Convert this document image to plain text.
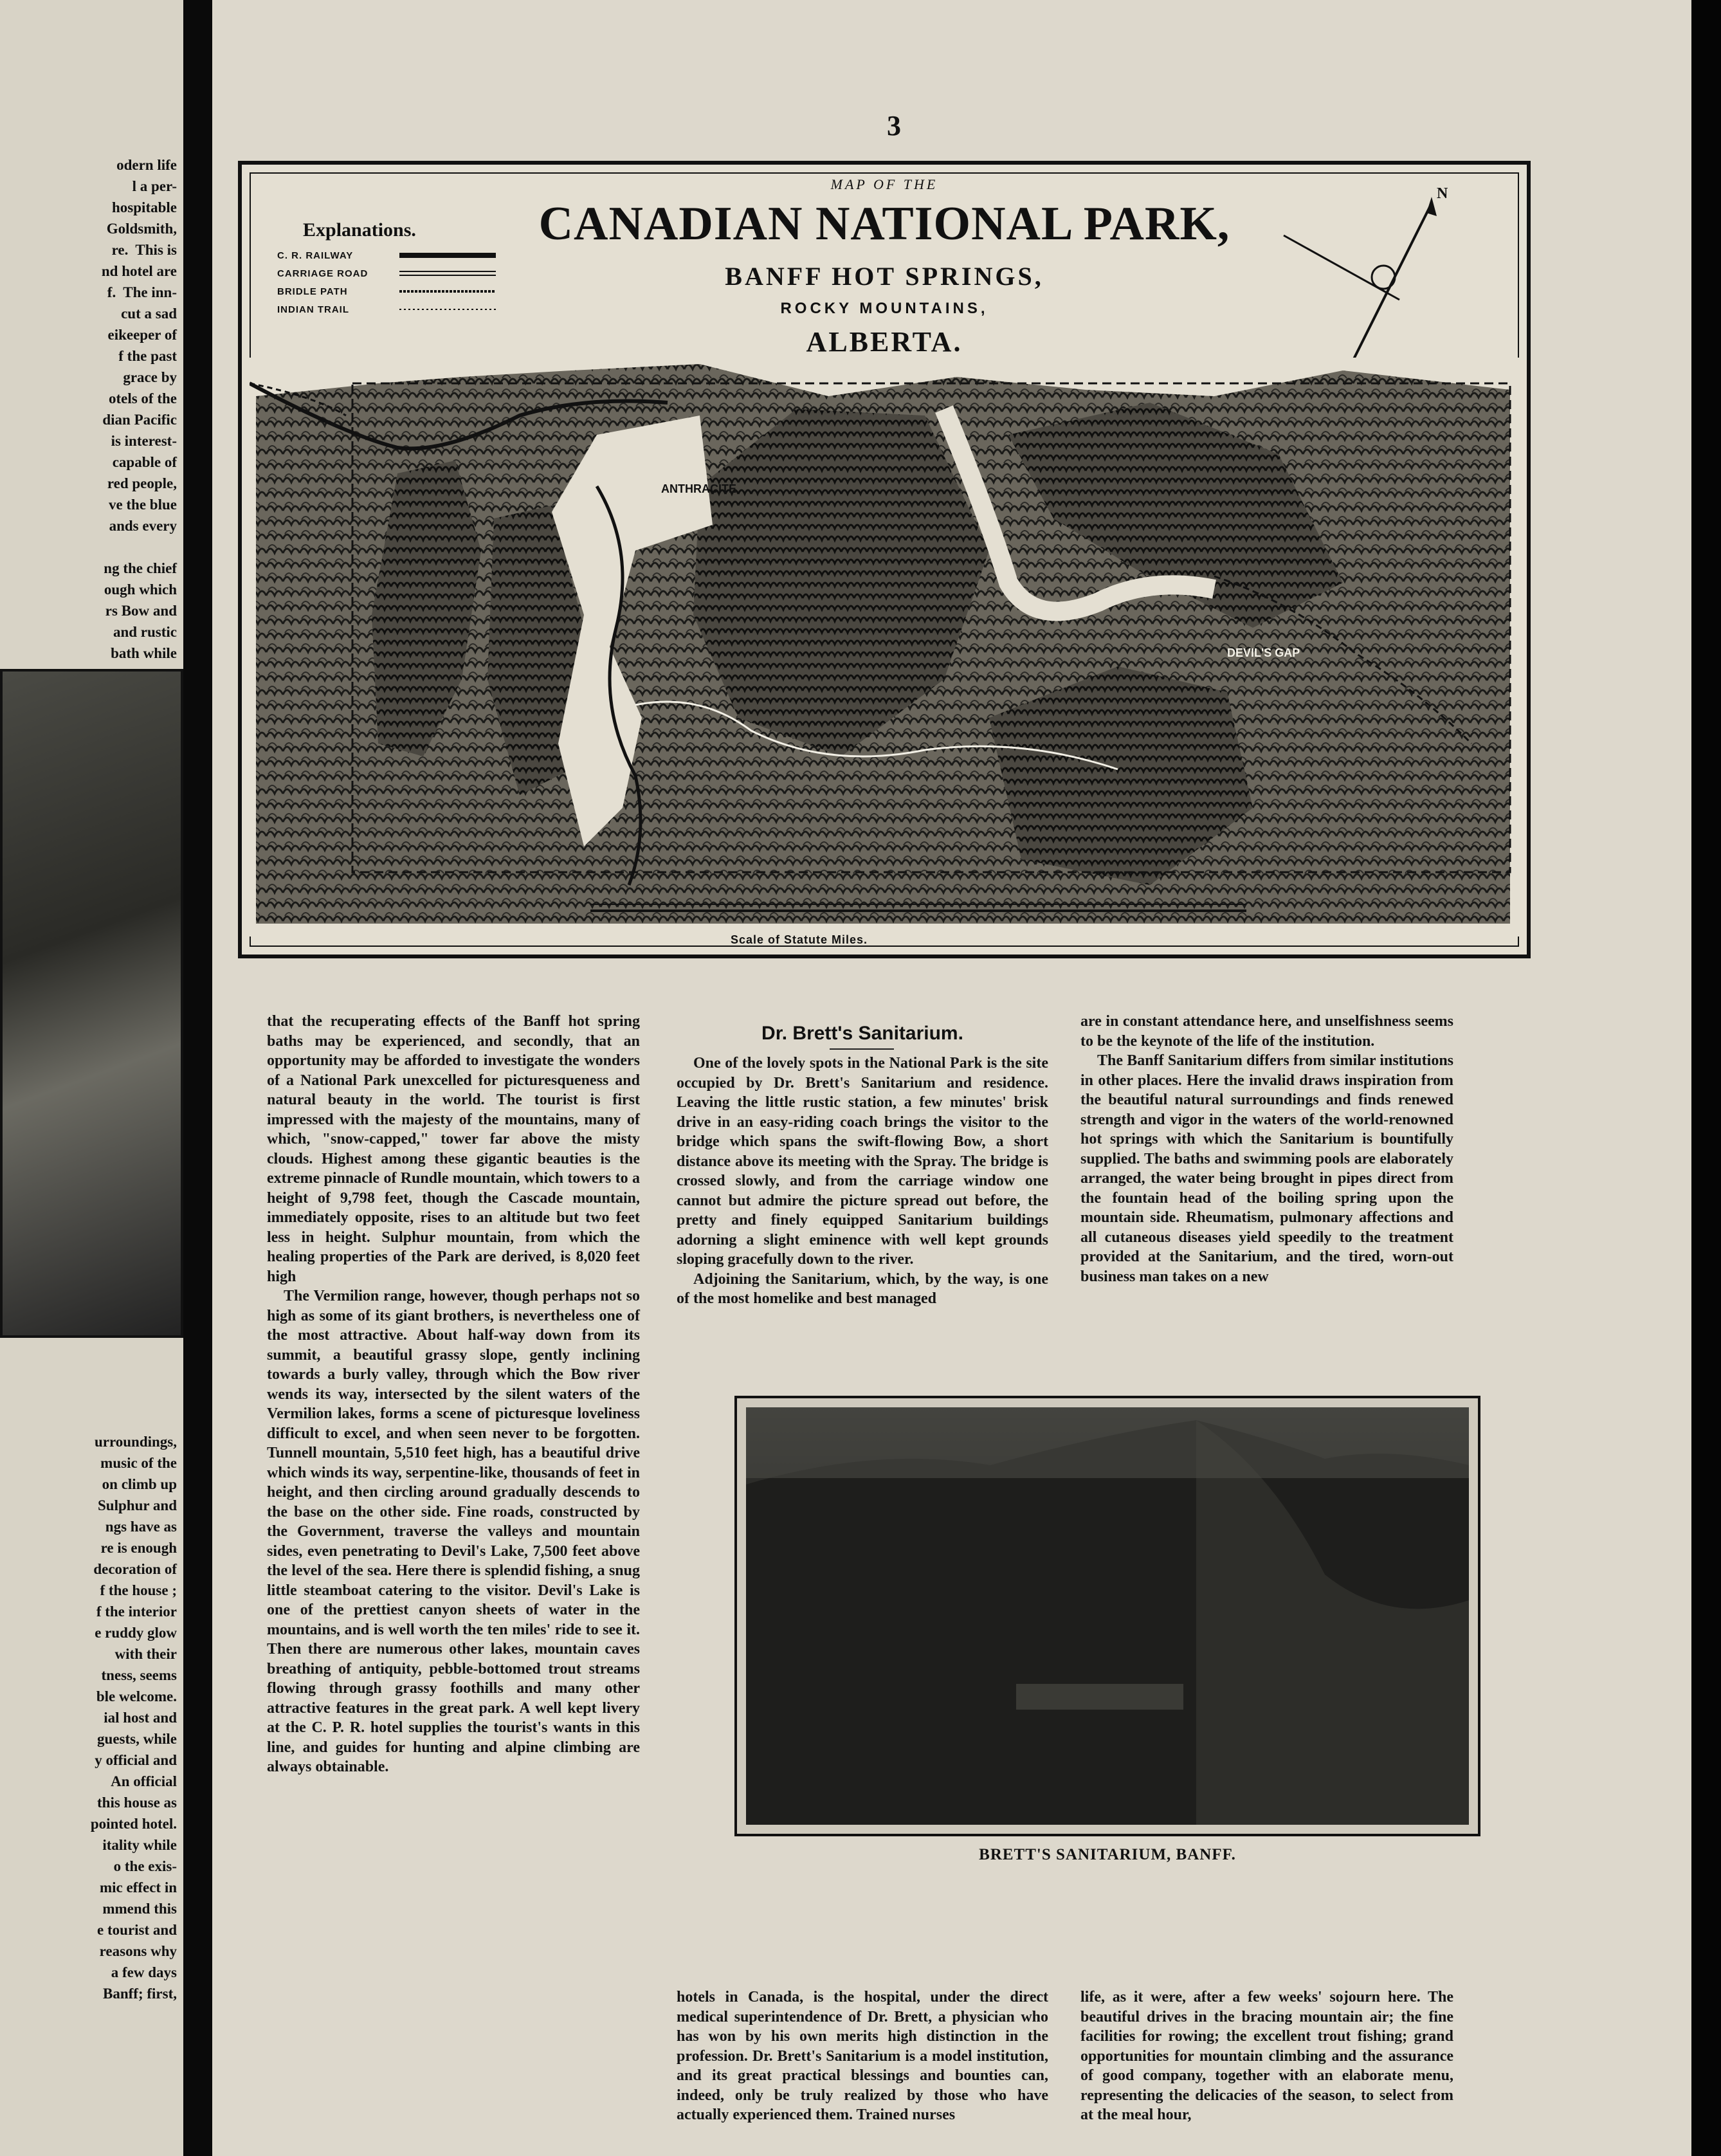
odern life
l a per-
hospitable
Goldsmith,
re.  This is
nd hotel are
f.  The inn-
cut a sad
eikeeper of
f the past
grace by
otels of the
dian Pacific
is interest-
capable of
red people,
ve the blue
ands every
ng the chief
ough which
rs Bow and
and rustic
bath while
urroundings,
music of the
on climb up
Sulphur and
ngs have as
re is enough
decoration of
f the house ;
f the interior
e ruddy glow
with their
tness, seems
ble welcome.
ial host and
guests, while
y official and
An official
this house as
pointed hotel.
itality while
o the exis-
mic effect in
mmend this
e tourist and
reasons why
a few days
Banff; first,
3
MAP OF THE
CANADIAN NATIONAL PARK,
BANFF HOT SPRINGS,
ROCKY MOUNTAINS,
ALBERTA.
Explanations.
C. R. RAILWAY
CARRIAGE ROAD
BRIDLE PATH
INDIAN TRAIL
N
ANTHRACITE
DEVIL'S GAP
Scale of Statute Miles.

that the recuperating effects of the Banff hot spring baths may be experienced, and secondly, that an opportunity may be afforded to investigate the wonders of a National Park unexcelled for picturesqueness and natural beauty in the world. The tourist is first impressed with the majesty of the mountains, many of which, "snow-capped," tower far above the misty clouds. Highest among these gigantic beauties is the extreme pinnacle of Rundle mountain, which towers to a height of 9,798 feet, though the Cascade mountain, immediately opposite, rises to an altitude but two feet less in height. Sulphur mountain, from which the healing properties of the Park are derived, is 8,020 feet high

The Vermilion range, however, though perhaps not so high as some of its giant brothers, is nevertheless one of the most attractive. About half-way down from its summit, a beautiful grassy slope, gently inclining towards a burly valley, through which the Bow river wends its way, intersected by the silent waters of the Vermilion lakes, forms a scene of picturesque loveliness difficult to excel, and when seen never to be forgotten. Tunnell mountain, 5,510 feet high, has a beautiful drive which winds its way, serpentine-like, thousands of feet in height, and then circling around gradually descends to the base on the other side. Fine roads, constructed by the Government, traverse the valleys and mountain sides, even penetrating to Devil's Lake, 7,500 feet above the level of the sea. Here there is splendid fishing, a snug little steamboat catering to the visitor. Devil's Lake is one of the prettiest canyon sheets of water in the mountains, and is well worth the ten miles' ride to see it. Then there are numerous other lakes, mountain caves breathing of antiquity, pebble-bottomed trout streams flowing through grassy foothills and many other attractive features in the great park. A well kept livery at the C. P. R. hotel supplies the tourist's wants in this line, and guides for hunting and alpine climbing are always obtainable.

Dr. Brett's Sanitarium.

One of the lovely spots in the National Park is the site occupied by Dr. Brett's Sanitarium and residence. Leaving the little rustic station, a few minutes' brisk drive in an easy-riding coach brings the visitor to the bridge which spans the swift-flowing Bow, a short distance above its meeting with the Spray. The bridge is crossed slowly, and from the carriage window one cannot but admire the picture spread out before, the pretty and finely equipped Sanitarium buildings adorning a slight eminence with well kept grounds sloping gracefully down to the river.

Adjoining the Sanitarium, which, by the way, is one of the most homelike and best managed

are in constant attendance here, and unselfishness seems to be the keynote of the life of the institution.

The Banff Sanitarium differs from similar institutions in other places. Here the invalid draws inspiration from the beautiful natural surroundings and finds renewed strength and vigor in the waters of the world-renowned hot springs with which the Sanitarium is bountifully supplied. The baths and swimming pools are elaborately arranged, the water being brought in pipes direct from the fountain head of the boiling spring upon the mountain side. Rheumatism, pulmonary affections and all cutaneous diseases yield speedily to the treatment provided at the Sanitarium, and the tired, worn-out business man takes on a new

BRETT'S SANITARIUM, BANFF.

hotels in Canada, is the hospital, under the direct medical superintendence of Dr. Brett, a physician who has won by his own merits high distinction in the profession. Dr. Brett's Sanitarium is a model institution, and its great practical blessings and bounties can, indeed, only be truly realized by those who have actually experienced them. Trained nurses

life, as it were, after a few weeks' sojourn here. The beautiful drives in the bracing mountain air; the fine facilities for rowing; the excellent trout fishing; grand opportunities for mountain climbing and the assurance of good company, together with an elaborate menu, representing the delicacies of the season, to select from at the meal hour,
